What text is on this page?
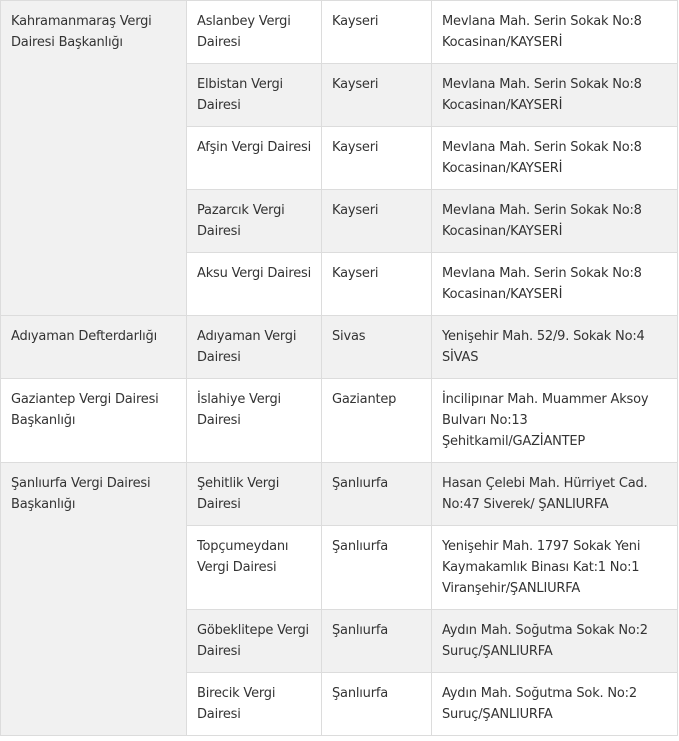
Kahramanmaraş Vergi Dairesi Başkanlığı	Aslanbey Vergi Dairesi	Kayseri	Mevlana Mah. Serin Sokak No:8 Kocasinan/KAYSERİ
	Elbistan Vergi Dairesi	Kayseri	Mevlana Mah. Serin Sokak No:8 Kocasinan/KAYSERİ
	Afşin Vergi Dairesi	Kayseri	Mevlana Mah. Serin Sokak No:8 Kocasinan/KAYSERİ
	Pazarcık Vergi Dairesi	Kayseri	Mevlana Mah. Serin Sokak No:8 Kocasinan/KAYSERİ
	Aksu Vergi Dairesi	Kayseri	Mevlana Mah. Serin Sokak No:8 Kocasinan/KAYSERİ
Adıyaman Defterdarlığı	Adıyaman Vergi Dairesi	Sivas	Yenişehir Mah. 52/9. Sokak No:4 SİVAS
Gaziantep Vergi Dairesi Başkanlığı	İslahiye Vergi Dairesi	Gaziantep	İncilipınar Mah. Muammer Aksoy Bulvarı No:13 Şehitkamil/GAZİANTEP
Şanlıurfa Vergi Dairesi Başkanlığı	Şehitlik Vergi Dairesi	Şanlıurfa	Hasan Çelebi Mah. Hürriyet Cad. No:47 Siverek/ ŞANLIURFA
	Topçumeydanı Vergi Dairesi	Şanlıurfa	Yenişehir Mah. 1797 Sokak Yeni Kaymakamlık Binası Kat:1 No:1 Viranşehir/ŞANLIURFA
	Göbeklitepe Vergi Dairesi	Şanlıurfa	Aydın Mah. Soğutma Sokak No:2 Suruç/ŞANLIURFA
	Birecik Vergi Dairesi	Şanlıurfa	Aydın Mah. Soğutma Sok. No:2 Suruç/ŞANLIURFA
